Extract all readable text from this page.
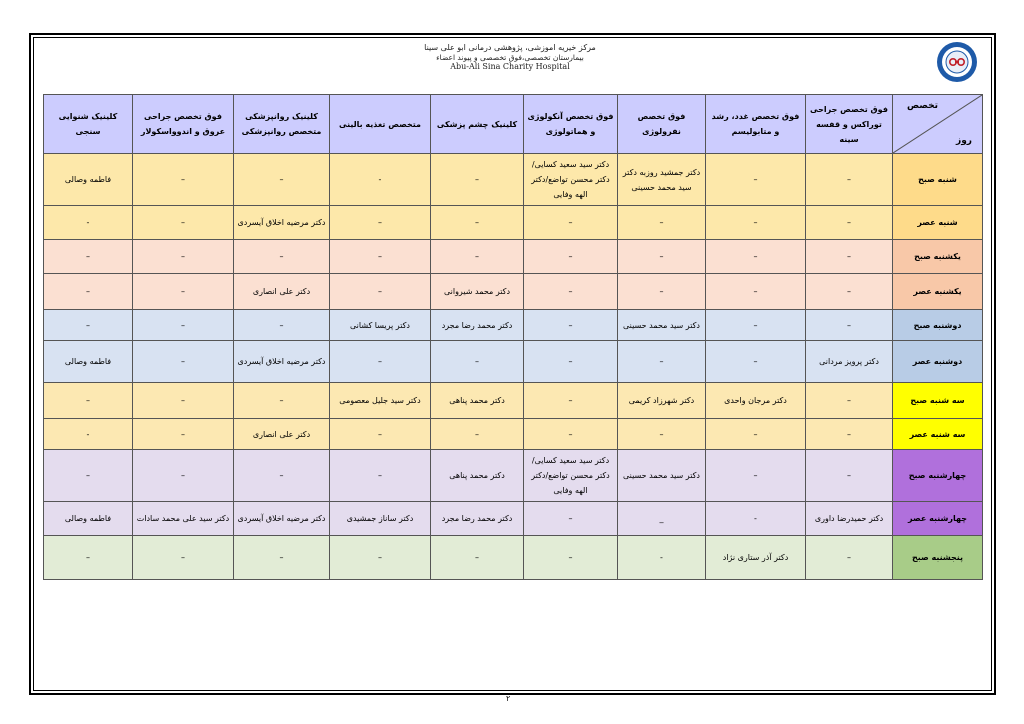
مرکز خیریه اموزشی، پژوهشی درمانی ابو علی سینا
بیمارستان تخصصی،فوق تخصصی و پیوند اعضاء
Abu-Ali Sina Charity Hospital
تخصص
روز	فوق تخصص جراحی توراکس و قفسه سینه	فوق تخصص غدد، رشد و متابولیسم	فوق تخصص نفرولوژی	فوق تخصص آنکولوژی و هماتولوژی	کلینیک چشم پزشکی	متخصص تغذیه بالینی	کلینیک روانپزشکی متخصص روانپزشکی	فوق تخصص جراحی عروق و اندوواسکولار	کلینیک شنوایی سنجی
شنبه صبح	–	–	دکتر جمشید روزبه دکتر سید محمد حسینی	دکتر سید سعید کسایی/دکتر محسن تواضع/دکتر الهه وفایی	–	-	–	–	فاطمه وصالی
شنبه عصر	–	–	–	–	–	–	دکتر مرضیه اخلاق آیسردی	–	-
یکشنبه صبح	–	–	–	–	–	–	–	–	–
یکشنبه عصر	–	–	–	–	دکتر محمد شیروانی	–	دکتر علی انصاری	–	–
دوشنبه صبح	–	–	دکتر سید محمد حسینی	–	دکتر محمد رضا مجرد	دکتر پریسا کشانی	–	–	–
دوشنبه عصر	دکتر پرویز مردانی	–	–	–	–	–	دکتر مرضیه اخلاق آیسردی	–	فاطمه وصالی
سه شنبه صبح	–	دکتر مرجان واحدی	دکتر شهرزاد کریمی	–	دکتر محمد پناهی	دکتر سید جلیل معصومی	–	–	–
سه شنبه عصر	–	–	–	–	–	–	دکتر علی انصاری	–	-
چهارشنبه صبح	–	–	دکتر سید محمد حسینی	دکتر سید سعید کسایی/دکتر محسن تواضع/دکتر الهه وفایی	دکتر محمد پناهی	–	–	–	–
چهارشنبه عصر	دکتر حمیدرضا داوری	-	_	–	دکتر محمد رضا مجرد	دکتر ساناز جمشیدی	دکتر مرضیه اخلاق آیسردی	دکتر سید علی محمد سادات	فاطمه وصالی
پنجشنبه صبح	–	دکتر آذر ستاری نژاد	-	–	–	–	–	–	–
۲
